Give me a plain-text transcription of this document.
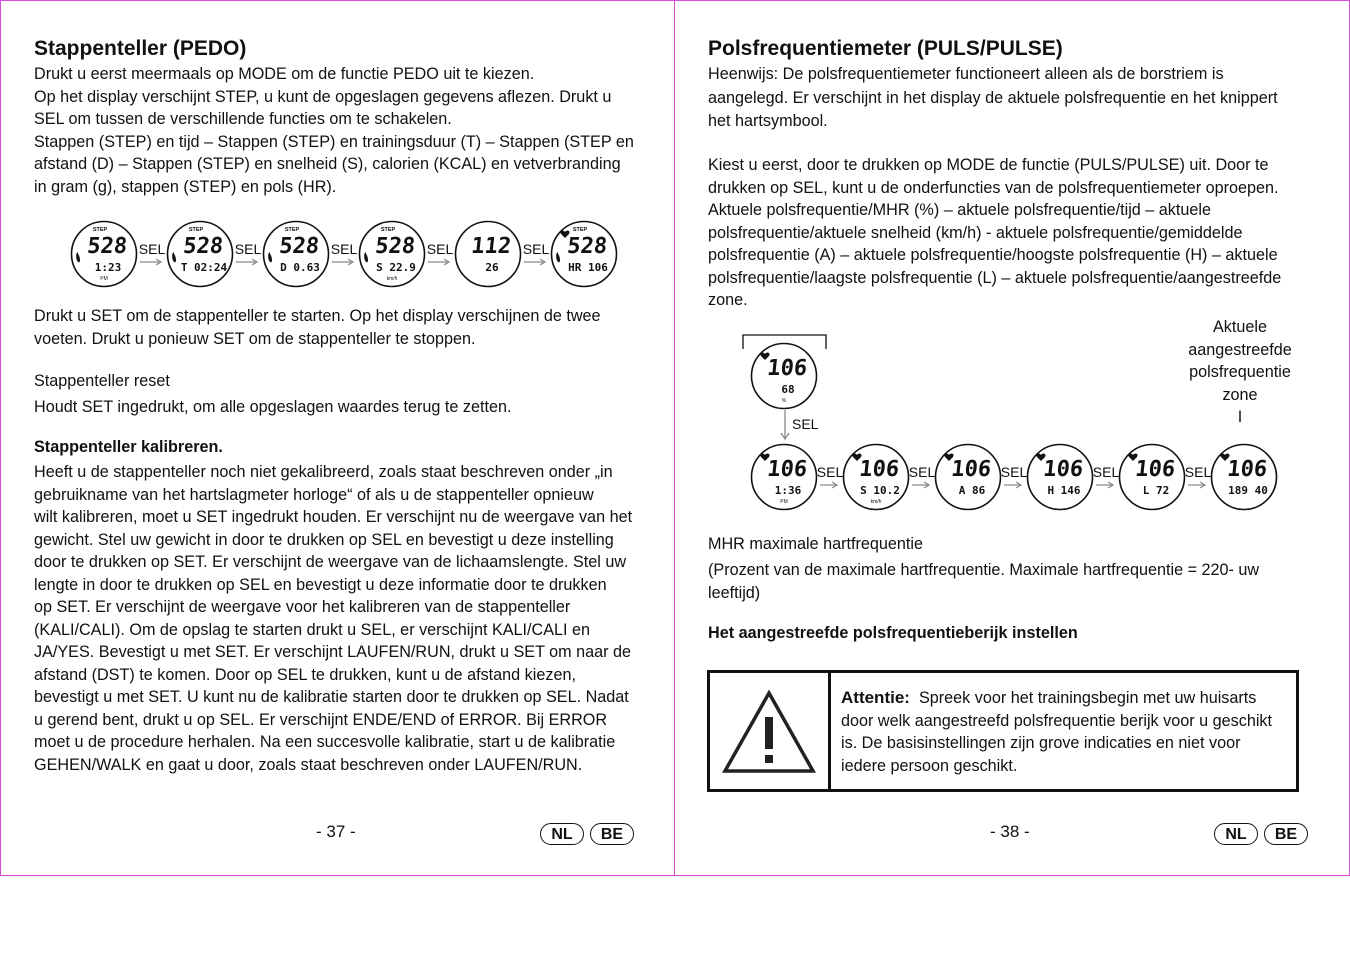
Stappenteller (PEDO)
Drukt u eerst meermaals op MODE om de functie PEDO uit te kiezen.
Op het display verschijnt STEP, u kunt de opgeslagen gegevens aflezen. Drukt u
SEL om tussen de verschillende functies om te schakelen.
Stappen (STEP) en tijd – Stappen (STEP) en trainingsduur (T) – Stappen (STEP en
afstand (D) – Stappen (STEP) en snelheid (S), calorien (KCAL) en vetverbranding
in gram (g), stappen (STEP) en pols (HR).
STEP
528
1:23
PM
SEL
STEP
528
T 02:24
SEL
STEP
528
D 0.63
SEL
STEP
528
S 22.9
km/h
SEL 112
26
SEL
STEP
528
HR 106
Drukt u SET om de stappenteller te starten. Op het display verschijnen de twee
voeten. Drukt u ponieuw SET om de stappenteller te stoppen.

Stappenteller reset

Houdt SET ingedrukt, om alle opgeslagen waardes terug te zetten.

Stappenteller kalibreren.

Heeft u de stappenteller noch niet gekalibreerd, zoals staat beschreven onder „in
gebruikname van het hartslagmeter horloge“ of als u de stappenteller opnieuw
wilt kalibreren, moet u SET ingedrukt houden. Er verschijnt nu de weergave van het
gewicht. Stel uw gewicht in door te drukken op SEL en bevestigt u deze instelling
door te drukken op SET. Er verschijnt de weergave van de lichaamslengte. Stel uw
lengte in door te drukken op SEL en bevestigt u deze informatie door te drukken
op SET. Er verschijnt de weergave voor het kalibreren van de stappenteller
(KALI/CALI). Om de opslag te starten drukt u SEL, er verschijnt KALI/CALI en
JA/YES. Bevestigt u met SET. Er verschijnt LAUFEN/RUN, drukt u SET om naar de
afstand (DST) te komen. Door op SEL te drukken, kunt u de afstand kiezen,
bevestigt u met SET. U kunt nu de kalibratie starten door te drukken op SEL. Nadat
u gerend bent, drukt u op SEL. Er verschijnt ENDE/END of ERROR. Bij ERROR
moet u de procedure herhalen. Na een succesvolle kalibratie, start u de kalibratie
GEHEN/WALK en gaat u door, zoals staat beschreven onder LAUFEN/RUN.
- 37 -	NL	BE
Polsfrequentiemeter (PULS/PULSE)

Heenwijs: De polsfrequentiemeter functioneert alleen als de borstriem is

aangelegd. Er verschijnt in het display de aktuele polsfrequentie en het knippert
het hartsymbool.
Kiest u eerst, door te drukken op MODE de functie (PULS/PULSE) uit. Door te
drukken op SEL, kunt u de onderfuncties van de polsfrequentiemeter oproepen.
Aktuele polsfrequentie/MHR (%) – aktuele polsfrequentie/tijd – aktuele
polsfrequentie/aktuele snelheid (km/h) - aktuele polsfrequentie/gemiddelde
polsfrequentie (A) – aktuele polsfrequentie/hoogste polsfrequentie (H) – aktuele
polsfrequentie/laagste polsfrequentie (L) – aktuele polsfrequentie/aangestreefde
zone.
Aktuele
aangestreefde
polsfrequentie
zone
I
106
68
%
SEL
106
1:36
PM
SEL 106
S 10.2
km/h
SEL 106
A 86
SEL 106
H 146
SEL 106
L 72
SEL 106
189 40

MHR maximale hartfrequentie

(Prozent van de maximale hartfrequentie. Maximale hartfrequentie = 220- uw
leeftijd)

Het aangestreefde polsfrequentieberijk instellen

Attentie: Spreek voor het trainingsbegin met uw huisarts
door welk aangestreefd polsfrequentie berijk voor u geschikt
is. De basisinstellingen zijn grove indicaties en niet voor
iedere persoon geschikt.
- 38 -	NL	BE
